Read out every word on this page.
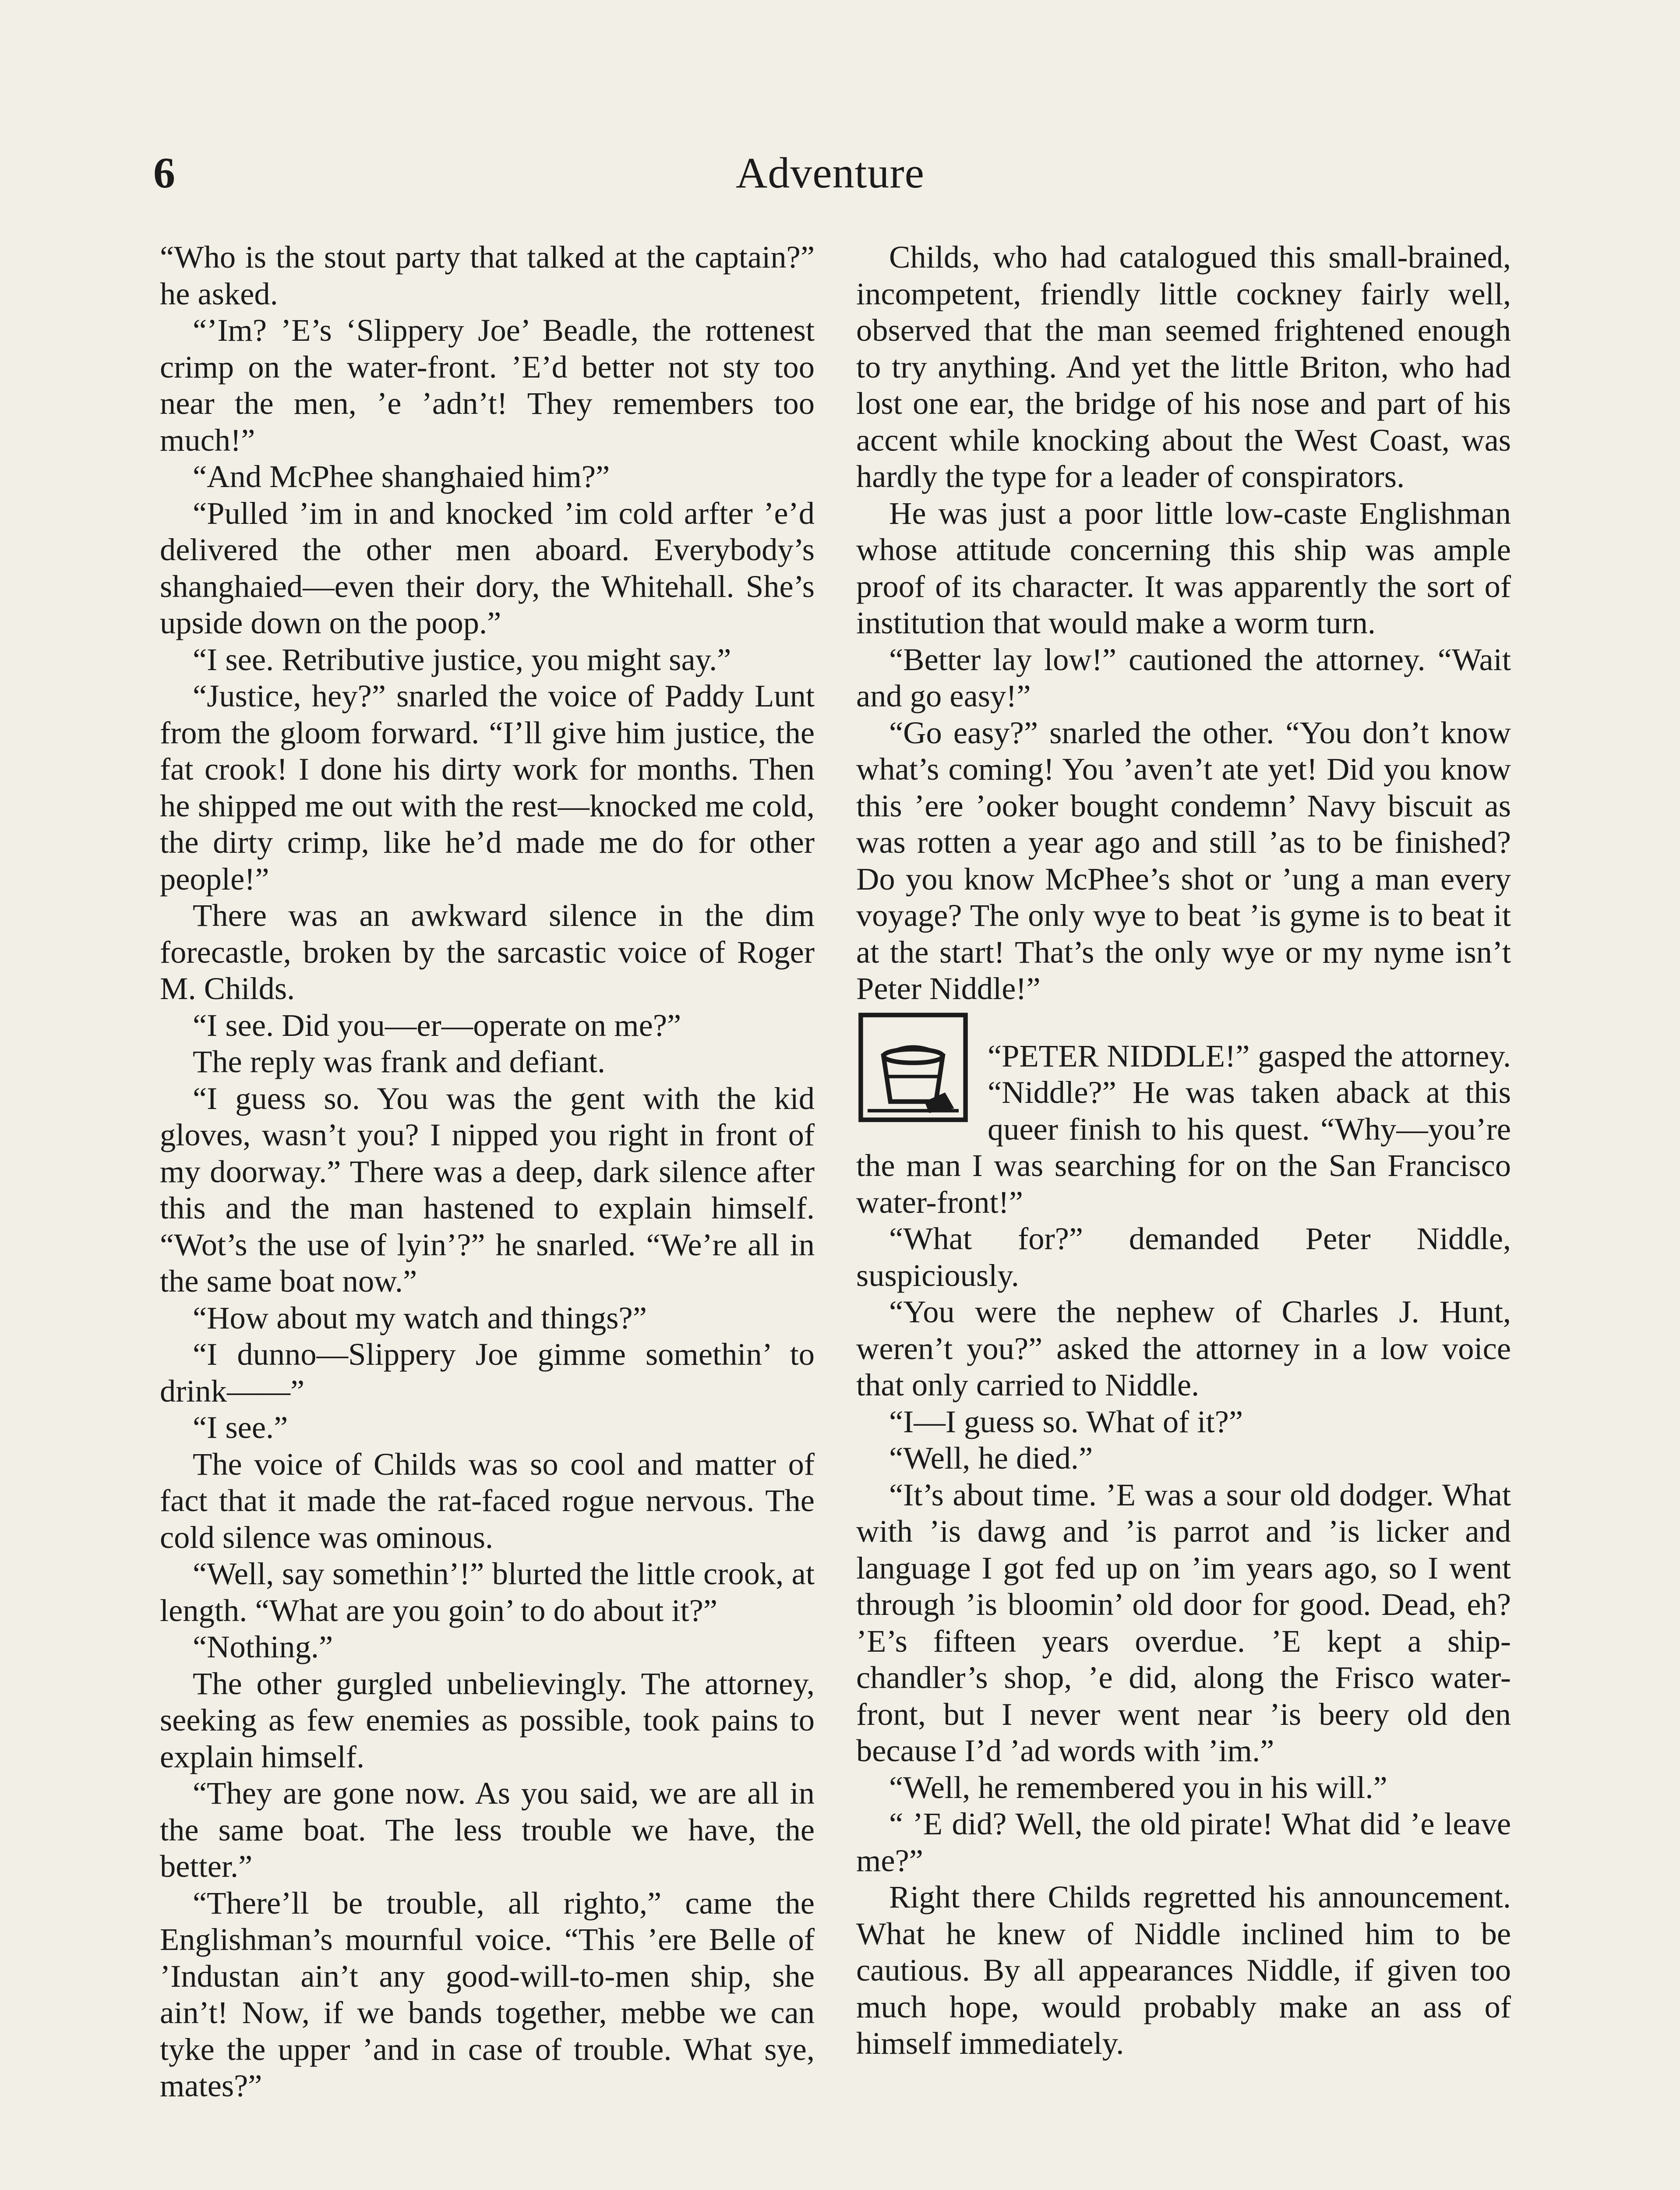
6	Adventure

“Who is the stout party that talked at the captain?” he asked.

“’Im? ’E’s ‘Slippery Joe’ Beadle, the rottenest crimp on the water-front. ’E’d better not sty too near the men, ’e ’adn’t! They remembers too much!”

“And McPhee shanghaied him?”

“Pulled ’im in and knocked ’im cold arfter ’e’d delivered the other men aboard. Everybody’s shanghaied—even their dory, the Whitehall. She’s upside down on the poop.”

“I see. Retributive justice, you might say.”

“Justice, hey?” snarled the voice of Paddy Lunt from the gloom forward. “I’ll give him justice, the fat crook! I done his dirty work for months. Then he shipped me out with the rest—knocked me cold, the dirty crimp, like he’d made me do for other people!”

There was an awkward silence in the dim forecastle, broken by the sarcastic voice of Roger M. Childs.

“I see. Did you—er—operate on me?”

The reply was frank and defiant.

“I guess so. You was the gent with the kid gloves, wasn’t you? I nipped you right in front of my doorway.” There was a deep, dark silence after this and the man hastened to explain himself. “Wot’s the use of lyin’?” he snarled. “We’re all in the same boat now.”

“How about my watch and things?”

“I dunno—Slippery Joe gimme somethin’ to drink——”

“I see.”

The voice of Childs was so cool and matter of fact that it made the rat-faced rogue nervous. The cold silence was ominous.

“Well, say somethin’!” blurted the little crook, at length. “What are you goin’ to do about it?”

“Nothing.”

The other gurgled unbelievingly. The attorney, seeking as few enemies as possible, took pains to explain himself.

“They are gone now. As you said, we are all in the same boat. The less trouble we have, the better.”

“There’ll be trouble, all righto,” came the Englishman’s mournful voice. “This ’ere Belle of ’Industan ain’t any good-will-to-men ship, she ain’t! Now, if we bands together, mebbe we can tyke the upper ’and in case of trouble. What sye, mates?”

Childs, who had catalogued this small-brained, incompetent, friendly little cockney fairly well, observed that the man seemed frightened enough to try anything. And yet the little Briton, who had lost one ear, the bridge of his nose and part of his accent while knocking about the West Coast, was hardly the type for a leader of conspirators.

He was just a poor little low-caste Englishman whose attitude concerning this ship was ample proof of its character. It was apparently the sort of institution that would make a worm turn.

“Better lay low!” cautioned the attorney. “Wait and go easy!”

“Go easy?” snarled the other. “You don’t know what’s coming! You ’aven’t ate yet! Did you know this ’ere ’ooker bought condemn’ Navy biscuit as was rotten a year ago and still ’as to be finished? Do you know McPhee’s shot or ’ung a man every voyage? The only wye to beat ’is gyme is to beat it at the start! That’s the only wye or my nyme isn’t Peter Niddle!”

“PETER NIDDLE!” gasped the attorney. “Niddle?” He was taken aback at this queer finish to his quest. “Why—you’re the man I was searching for on the San Francisco water-front!”

“What for?” demanded Peter Niddle, suspiciously.

“You were the nephew of Charles J. Hunt, weren’t you?” asked the attorney in a low voice that only carried to Niddle.

“I—I guess so. What of it?”

“Well, he died.”

“It’s about time. ’E was a sour old dodger. What with ’is dawg and ’is parrot and ’is licker and language I got fed up on ’im years ago, so I went through ’is bloomin’ old door for good. Dead, eh? ’E’s fifteen years overdue. ’E kept a ship-chandler’s shop, ’e did, along the Frisco water-front, but I never went near ’is beery old den because I’d ’ad words with ’im.”

“Well, he remembered you in his will.”

“ ’E did? Well, the old pirate! What did ’e leave me?”

Right there Childs regretted his announcement. What he knew of Niddle inclined him to be cautious. By all appearances Niddle, if given too much hope, would probably make an ass of himself immediately.
